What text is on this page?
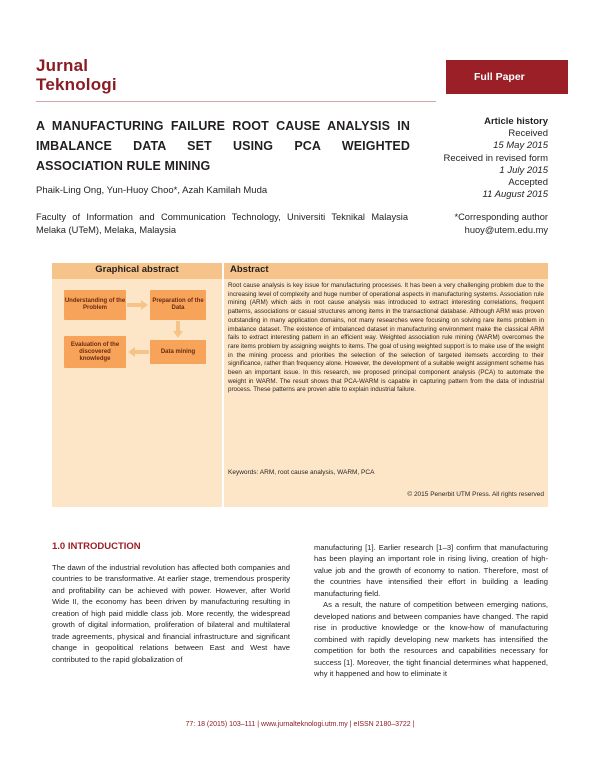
Jurnal
Teknologi	Full Paper
A MANUFACTURING FAILURE ROOT CAUSE ANALYSIS IN
IMBALANCE DATA SET USING PCA WEIGHTED
ASSOCIATION RULE MINING
Article history
Received
15 May 2015
Received in revised form
1 July 2015
Accepted
11 August 2015
Phaik-Ling Ong, Yun-Huoy Choo*, Azah Kamilah Muda
Faculty of Information and Communication Technology, Universiti Teknikal Malaysia Melaka (UTeM), Melaka, Malaysia
*Corresponding author
huoy@utem.edu.my
Graphical abstract
Understanding of the Problem
Preparation of the Data
Data mining
Evaluation of the discovered knowledge
Abstract
Root cause analysis is key issue for manufacturing processes. It has been a very challenging problem due to the increasing level of complexity and huge number of operational aspects in manufacturing systems. Association rule mining (ARM) which aids in root cause analysis was introduced to extract interesting correlations, frequent patterns, associations or casual structures among items in the transactional database. Although ARM was proven outstanding in many application domains, not many researches were focusing on solving rare items problem in imbalance dataset. The existence of imbalanced dataset in manufacturing environment make the classical ARM fails to extract interesting pattern in an efficient way. Weighted association rule mining (WARM) overcomes the rare items problem by assigning weights to items. The goal of using weighted support is to make use of the weight in the mining process and priorities the selection of the selection of targeted itemsets according to their significance, rather than frequency alone. However, the development of a suitable weight assignment scheme has been an important issue. In this research, we proposed principal component analysis (PCA) to automate the weight in WARM. The result shows that PCA-WARM is capable in capturing pattern from the data of industrial process. These patterns are proven able to explain industrial failure.
Keywords: ARM, root cause analysis, WARM, PCA
© 2015 Penerbit UTM Press. All rights reserved
1.0 INTRODUCTION

The dawn of the industrial revolution has affected both companies and countries to be transformative. At earlier stage, tremendous prosperity and profitability can be achieved with power. However, after World Wide II, the economy has been driven by manufacturing resulting in creation of high paid middle class job. More recently, the widespread growth of digital information, proliferation of bilateral and multilateral trade agreements, physical and financial infrastructure and significant change in geopolitical relations between East and West have contributed to the rapid globalization of

manufacturing [1]. Earlier research [1–3] confirm that manufacturing has been playing an important role in rising living, creation of high-value job and the growth of economy to nation. Therefore, most of the countries have intensified their effort in building a leading manufacturing field.

As a result, the nature of competition between emerging nations, developed nations and between companies have changed. The rapid rise in productive knowledge or the know-how of manufacturing combined with rapidly developing new markets has intensified the competition for both the resources and capabilities necessary for success [1]. Moreover, the tight financial determines what happened, why it happened and how to eliminate it

77: 18 (2015) 103–111 | www.jurnalteknologi.utm.my | eISSN 2180–3722 |
